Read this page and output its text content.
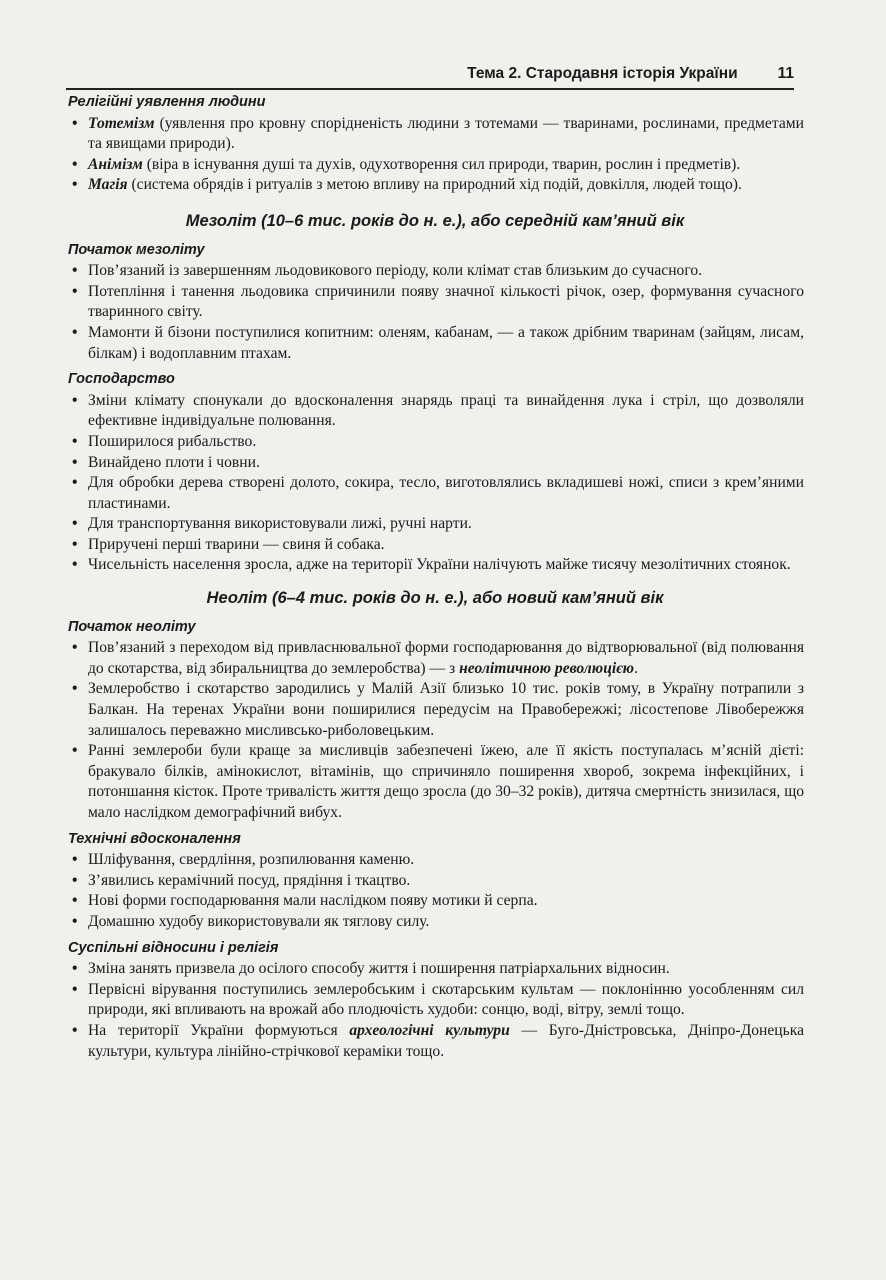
Тема 2. Стародавня історія України	11
Релігійні уявлення людини
• Тотемізм (уявлення про кровну спорідненість людини з тотемами — тваринами, рослинами, предметами та явищами природи).
• Анімізм (віра в існування душі та духів, одухотворення сил природи, тварин, рослин і предметів).
• Магія (система обрядів і ритуалів з метою впливу на природний хід подій, довкілля, людей тощо).
Мезоліт (10–6 тис. років до н. е.), або середній кам’яний вік
Початок мезоліту
• Пов’язаний із завершенням льодовикового періоду, коли клімат став близьким до сучасного.
• Потепління і танення льодовика спричинили появу значної кількості річок, озер, формування сучасного тваринного світу.
• Мамонти й бізони поступилися копитним: оленям, кабанам, — а також дрібним тваринам (зайцям, лисам, білкам) і водоплавним птахам.
Господарство
• Зміни клімату спонукали до вдосконалення знарядь праці та винайдення лука і стріл, що дозволяли ефективне індивідуальне полювання.
• Поширилося рибальство.
• Винайдено плоти і човни.
• Для обробки дерева створені долото, сокира, тесло, виготовлялись вкладишеві ножі, списи з крем’яними пластинами.
• Для транспортування використовували лижі, ручні нарти.
• Приручені перші тварини — свиня й собака.
• Чисельність населення зросла, адже на території України налічують майже тисячу мезолітичних стоянок.
Неоліт (6–4 тис. років до н. е.), або новий кам’яний вік
Початок неоліту
• Пов’язаний з переходом від привласнювальної форми господарювання до відтворювальної (від полювання до скотарства, від збиральництва до землеробства) — з неолітичною революцією.
• Землеробство і скотарство зародились у Малій Азії близько 10 тис. років тому, в Україну потрапили з Балкан. На теренах України вони поширилися передусім на Правобережжі; лісостепове Лівобережжя залишалось переважно мисливсько-риболовецьким.
• Ранні землероби були краще за мисливців забезпечені їжею, але її якість поступалась м’ясній дієті: бракувало білків, амінокислот, вітамінів, що спричиняло поширення хвороб, зокрема інфекційних, і потоншання кісток. Проте тривалість життя дещо зросла (до 30–32 років), дитяча смертність знизилася, що мало наслідком демографічний вибух.
Технічні вдосконалення
• Шліфування, свердління, розпилювання каменю.
• З’явились керамічний посуд, прядіння і ткацтво.
• Нові форми господарювання мали наслідком появу мотики й серпа.
• Домашню худобу використовували як тяглову силу.
Суспільні відносини і релігія
• Зміна занять призвела до осілого способу життя і поширення патріархальних відносин.
• Первісні вірування поступились землеробським і скотарським культам — поклонінню уособленням сил природи, які впливають на врожай або плодючість худоби: сонцю, воді, вітру, землі тощо.
• На території України формуються археологічні культури — Буго-Дністровська, Дніпро-Донецька культури, культура лінійно-стрічкової кераміки тощо.
